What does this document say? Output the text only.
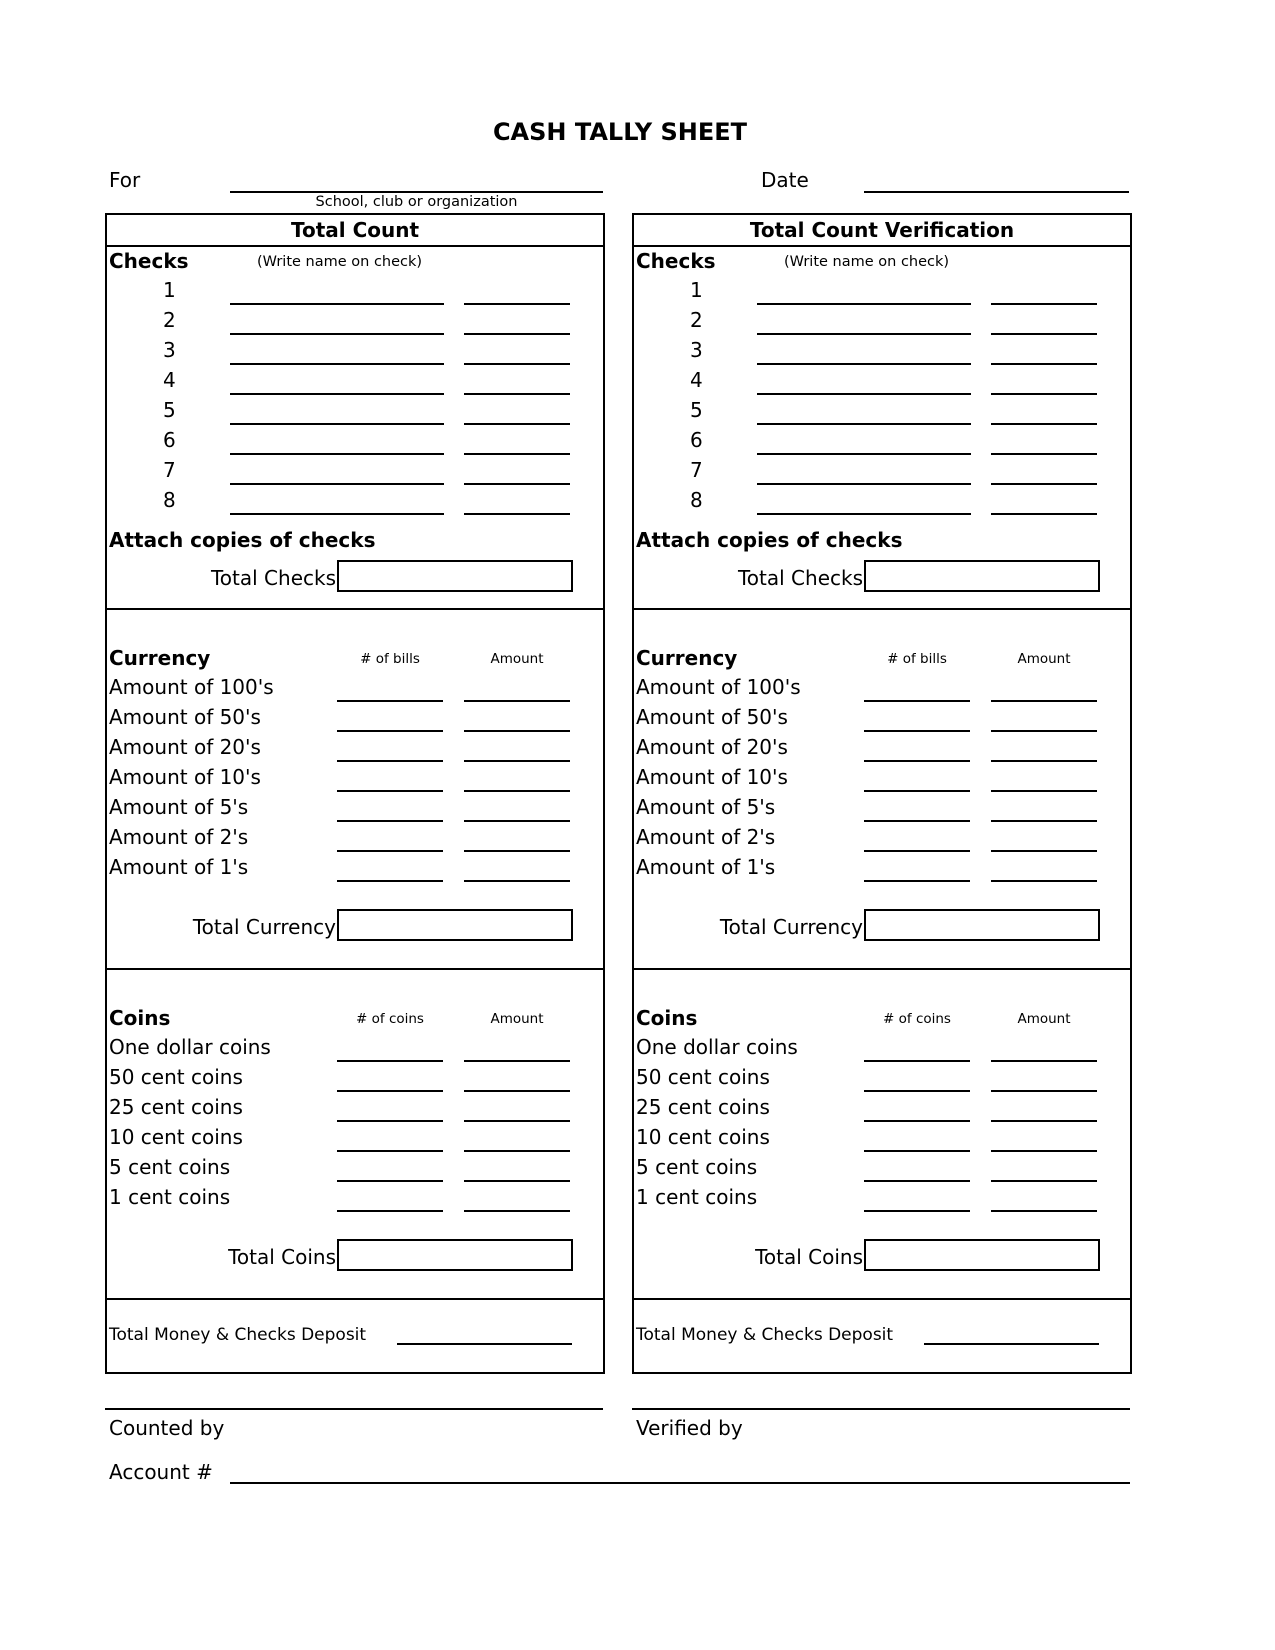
CASH TALLY SHEET
For
School, club or organization
Date
Total Count
Checks	(Write name on check)
1
2
3
4
5
6
7
8
Attach copies of checks
Total Checks
Currency	# of bills	Amount
Amount of 100's
Amount of 50's
Amount of 20's
Amount of 10's
Amount of 5's
Amount of 2's
Amount of 1's
Total Currency
Coins	# of coins	Amount
One dollar coins
50 cent coins
25 cent coins
10 cent coins
5 cent coins
1 cent coins
Total Coins
Total Money & Checks Deposit
Total Count Verification
Checks	(Write name on check)
1
2
3
4
5
6
7
8
Attach copies of checks
Total Checks
Currency	# of bills	Amount
Amount of 100's
Amount of 50's
Amount of 20's
Amount of 10's
Amount of 5's
Amount of 2's
Amount of 1's
Total Currency
Coins	# of coins	Amount
One dollar coins
50 cent coins
25 cent coins
10 cent coins
5 cent coins
1 cent coins
Total Coins
Total Money & Checks Deposit
Counted by	Verified by
Account #
